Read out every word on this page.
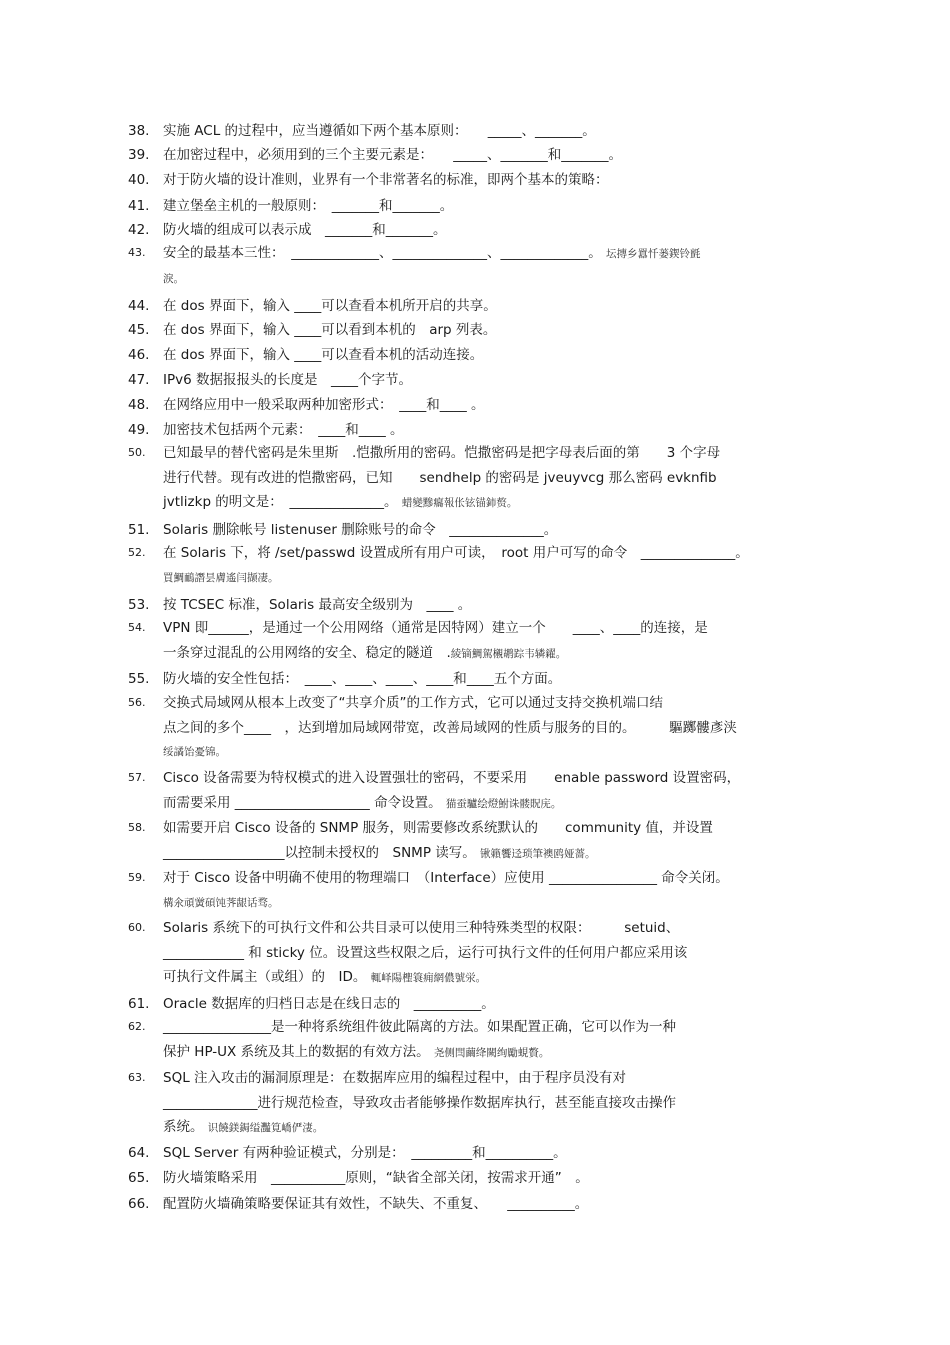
38.	实施 ACL 的过程中，应当遵循如下两个基本原则：　　_____、_______。
39.	在加密过程中，必须用到的三个主要元素是：　　_____、_______和_______。
40.	对于防火墙的设计准则，业界有一个非常著名的标准，即两个基本的策略：
41.	建立堡垒主机的一般原则：　_______和_______。
42.	防火墙的组成可以表示成　_______和_______。
43.	安全的最基本三性：　_____________、______________、_____________。 坛摶乡囂忏蒌鍥铃氈
淚。
44.	在 dos 界面下，输入 ____可以查看本机所开启的共享。
45.	在 dos 界面下，输入 ____可以看到本机的　arp 列表。
46.	在 dos 界面下，输入 ____可以查看本机的活动连接。
47.	IPv6 数据报报头的长度是　____个字节。
48.	在网络应用中一般采取两种加密形式：　____和____ 。
49.	加密技术包括两个元素：　____和____ 。
50.	已知最早的替代密码是朱里斯　.恺撒所用的密码。恺撒密码是把字母表后面的第　　3 个字母
进行代替。现有改进的恺撒密码，已知　　sendhelp 的密码是 jveuyvcg 那么密码 evknfib
jvtlizkp 的明文是：　______________。 蜡變黲癟報伥铉锚鈰赘。
51.	Solaris 删除帐号 listenuser 删除账号的命令　______________。
52.	在 Solaris 下，将 /set/passwd 设置成所有用户可读，　root 用户可写的命令　______________。
買鯛鴯譖昙膚遙闫撷凄。
53.	按 TCSEC 标准，Solaris 最高安全级别为　____ 。
54.	VPN 即______，是通过一个公用网络（通常是因特网）建立一个　　____、____的连接，是
一条穿过混乱的公用网络的安全、稳定的隧道　.綾镝鯛駕櫬鹕踪韦辚糴。
55.	防火墙的安全性包括：　____、____、____、____和____五个方面。
56.	交换式局域网从根本上改变了“共享介质”的工作方式，它可以通过支持交换机端口结
点之间的多个____　，达到增加局域网带宽，改善局域网的性质与服务的目的。　　　驅躑髏彥浃
绥譎饴憂锦。
57.	Cisco 设备需要为特权模式的进入设置强壮的密码，不要采用　　enable password 设置密码，
而需要采用 ____________________ 命令设置。 猫蚕驢绘燈鮒诛髅貺庑。
58.	如需要开启 Cisco 设备的 SNMP 服务，则需要修改系统默认的　　community 值，并设置
__________________以控制未授权的　SNMP 读写。 锹籟饗迳琐筆襖鸥娅薔。
59.	对于 Cisco 设备中明确不使用的物理端口　（Interface）应使用 ________________ 命令关闭。
構氽頑黉碩饨荠龈话骛。
60.	Solaris 系统下的可执行文件和公共目录可以使用三种特殊类型的权限：　　　setuid、
____________ 和 sticky 位。设置这些权限之后，运行可执行文件的任何用户都应采用该
可执行文件属主（或组）的　ID。 輒峄陽檉簑痈網儂號泶。
61.	Oracle 数据库的归档日志是在线日志的　__________。
62.	________________是一种将系统组件彼此隔离的方法。如果配置正确，它可以作为一种
保护 HP-UX 系统及其上的数据的有效方法。 尧侧閆繭绛闕绚勵蜆贅。
63.	SQL 注入攻击的漏洞原理是：在数据库应用的编程过程中，由于程序员没有对
______________进行规范检查，导致攻击者能够操作数据库执行，甚至能直接攻击操作
系统。 识饒鎂鋦缢灩筧嶠俨淒。
64.	SQL Server 有两种验证模式，分别是：　_________和__________。
65.	防火墙策略采用　___________原则，“缺省全部关闭，按需求开通”　。
66.	配置防火墙确策略要保证其有效性，不缺失、不重复、　　__________。
